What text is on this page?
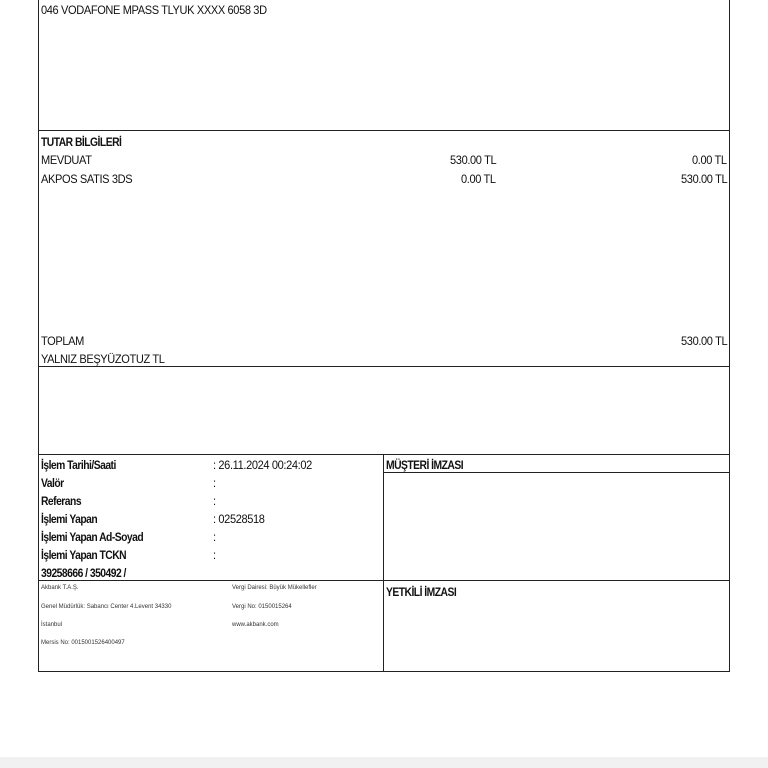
046 VODAFONE MPASS TLYUK XXXX 6058 3D
TUTAR BİLGİLERİ
MEVDUAT	530.00 TL	0.00 TL
AKPOS SATIS 3DS	0.00 TL	530.00 TL
TOPLAM	530.00 TL
YALNIZ BEŞYÜZOTUZ TL
İşlem Tarihi/Saati	: 26.11.2024 00:24:02
Valör	:
Referans	:
İşlemi Yapan	: 02528518
İşlemi Yapan Ad-Soyad	:
İşlemi Yapan TCKN	:
39258666 / 350492 /
MÜŞTERİ İMZASI
YETKİLİ İMZASI
Akbank T.A.Ş.
Genel Müdürlük: Sabancı Center 4.Levent 34330
İstanbul
Mersis No: 0015001526400497
Vergi Dairesi: Büyük Mükellefler
Vergi No: 0150015264
www.akbank.com
